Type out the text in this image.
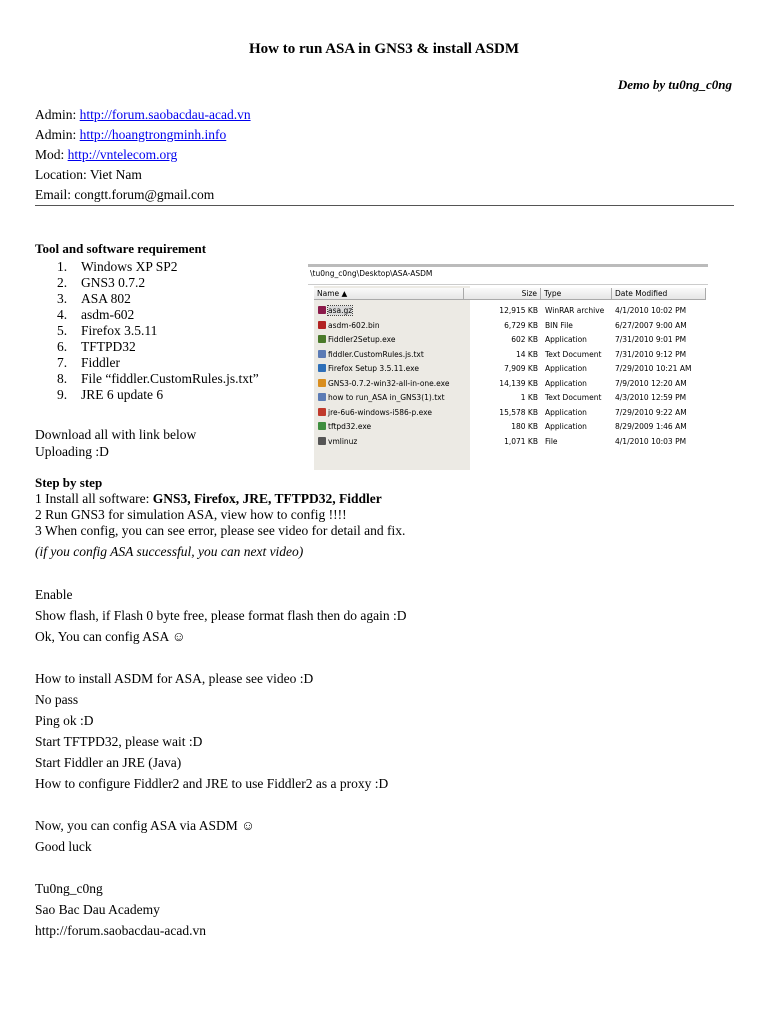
How to run ASA in GNS3 & install ASDM
Demo by tu0ng_c0ng
Admin: http://forum.saobacdau-acad.vn
Admin: http://hoangtrongminh.info
Mod: http://vntelecom.org
Location: Viet Nam
Email: congtt.forum@gmail.com
Tool and software requirement
1. Windows XP SP2
2. GNS3 0.7.2
3. ASA 802
4. asdm-602
5. Firefox 3.5.11
6. TFTPD32
7. Fiddler
8. File “fiddler.CustomRules.js.txt”
9. JRE 6 update 6
Download all with link below
Uploading :D
\tu0ng_c0ng\Desktop\ASA-ASDM
Name ▲	Size Type	Date Modified
asa.gz	12,915 KB WinRAR archive 4/1/2010 10:02 PM
asdm-602.bin	6,729 KB BIN File	6/27/2007 9:00 AM
Fiddler2Setup.exe	602 KB Application	7/31/2010 9:01 PM
fiddler.CustomRules.js.txt	14 KB Text Document 7/31/2010 9:12 PM
Firefox Setup 3.5.11.exe	7,909 KB Application	7/29/2010 10:21 AM
GNS3-0.7.2-win32-all-in-one.exe	14,139 KB Application	7/9/2010 12:20 AM
how to run_ASA in_GNS3(1).txt	1 KB Text Document 4/3/2010 12:59 PM
jre-6u6-windows-i586-p.exe	15,578 KB Application	7/29/2010 9:22 AM
tftpd32.exe	180 KB Application	8/29/2009 1:46 AM
vmlinuz	1,071 KB File	4/1/2010 10:03 PM
Step by step
1 Install all software: GNS3, Firefox, JRE, TFTPD32, Fiddler
2 Run GNS3 for simulation ASA, view how to config !!!!
3 When config, you can see error, please see video for detail and fix.
(if you config ASA successful, you can next video)
Enable
Show flash, if Flash 0 byte free, please format flash then do again :D
Ok, You can config ASA ☺
How to install ASDM for ASA, please see video :D
No pass
Ping ok :D
Start TFTPD32, please wait :D
Start Fiddler an JRE (Java)
How to configure Fiddler2 and JRE to use Fiddler2 as a proxy :D
Now, you can config ASA via ASDM ☺
Good luck
Tu0ng_c0ng
Sao Bac Dau Academy
http://forum.saobacdau-acad.vn
